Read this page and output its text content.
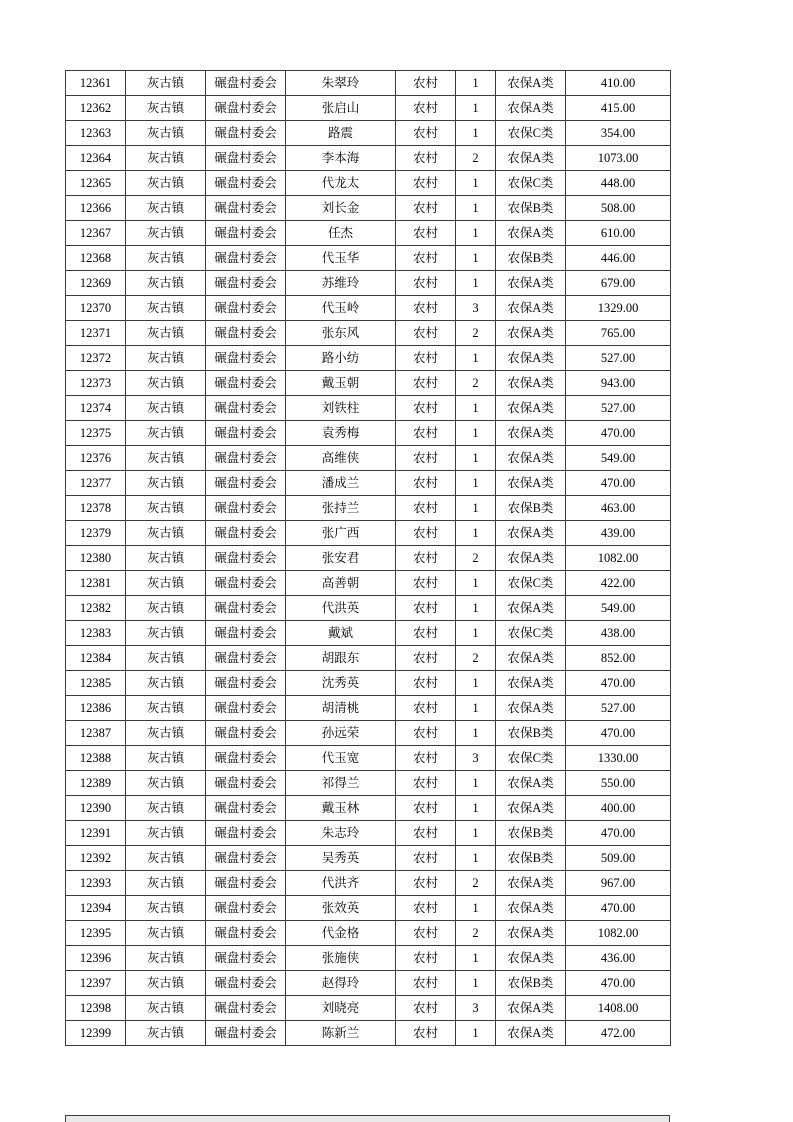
12361	灰古镇	碾盘村委会	朱翠玲	农村	1	农保A类	410.00
12362	灰古镇	碾盘村委会	张启山	农村	1	农保A类	415.00
12363	灰古镇	碾盘村委会	路震	农村	1	农保C类	354.00
12364	灰古镇	碾盘村委会	李本海	农村	2	农保A类	1073.00
12365	灰古镇	碾盘村委会	代龙太	农村	1	农保C类	448.00
12366	灰古镇	碾盘村委会	刘长金	农村	1	农保B类	508.00
12367	灰古镇	碾盘村委会	任杰	农村	1	农保A类	610.00
12368	灰古镇	碾盘村委会	代玉华	农村	1	农保B类	446.00
12369	灰古镇	碾盘村委会	苏维玲	农村	1	农保A类	679.00
12370	灰古镇	碾盘村委会	代玉岭	农村	3	农保A类	1329.00
12371	灰古镇	碾盘村委会	张东风	农村	2	农保A类	765.00
12372	灰古镇	碾盘村委会	路小纺	农村	1	农保A类	527.00
12373	灰古镇	碾盘村委会	戴玉朝	农村	2	农保A类	943.00
12374	灰古镇	碾盘村委会	刘铁柱	农村	1	农保A类	527.00
12375	灰古镇	碾盘村委会	袁秀梅	农村	1	农保A类	470.00
12376	灰古镇	碾盘村委会	高维侠	农村	1	农保A类	549.00
12377	灰古镇	碾盘村委会	潘成兰	农村	1	农保A类	470.00
12378	灰古镇	碾盘村委会	张持兰	农村	1	农保B类	463.00
12379	灰古镇	碾盘村委会	张广西	农村	1	农保A类	439.00
12380	灰古镇	碾盘村委会	张安君	农村	2	农保A类	1082.00
12381	灰古镇	碾盘村委会	高善朝	农村	1	农保C类	422.00
12382	灰古镇	碾盘村委会	代洪英	农村	1	农保A类	549.00
12383	灰古镇	碾盘村委会	戴斌	农村	1	农保C类	438.00
12384	灰古镇	碾盘村委会	胡跟东	农村	2	农保A类	852.00
12385	灰古镇	碾盘村委会	沈秀英	农村	1	农保A类	470.00
12386	灰古镇	碾盘村委会	胡清桃	农村	1	农保A类	527.00
12387	灰古镇	碾盘村委会	孙远荣	农村	1	农保B类	470.00
12388	灰古镇	碾盘村委会	代玉宽	农村	3	农保C类	1330.00
12389	灰古镇	碾盘村委会	祁得兰	农村	1	农保A类	550.00
12390	灰古镇	碾盘村委会	戴玉林	农村	1	农保A类	400.00
12391	灰古镇	碾盘村委会	朱志玲	农村	1	农保B类	470.00
12392	灰古镇	碾盘村委会	吴秀英	农村	1	农保B类	509.00
12393	灰古镇	碾盘村委会	代洪齐	农村	2	农保A类	967.00
12394	灰古镇	碾盘村委会	张效英	农村	1	农保A类	470.00
12395	灰古镇	碾盘村委会	代金格	农村	2	农保A类	1082.00
12396	灰古镇	碾盘村委会	张施侠	农村	1	农保A类	436.00
12397	灰古镇	碾盘村委会	赵得玲	农村	1	农保B类	470.00
12398	灰古镇	碾盘村委会	刘晓亮	农村	3	农保A类	1408.00
12399	灰古镇	碾盘村委会	陈新兰	农村	1	农保A类	472.00
